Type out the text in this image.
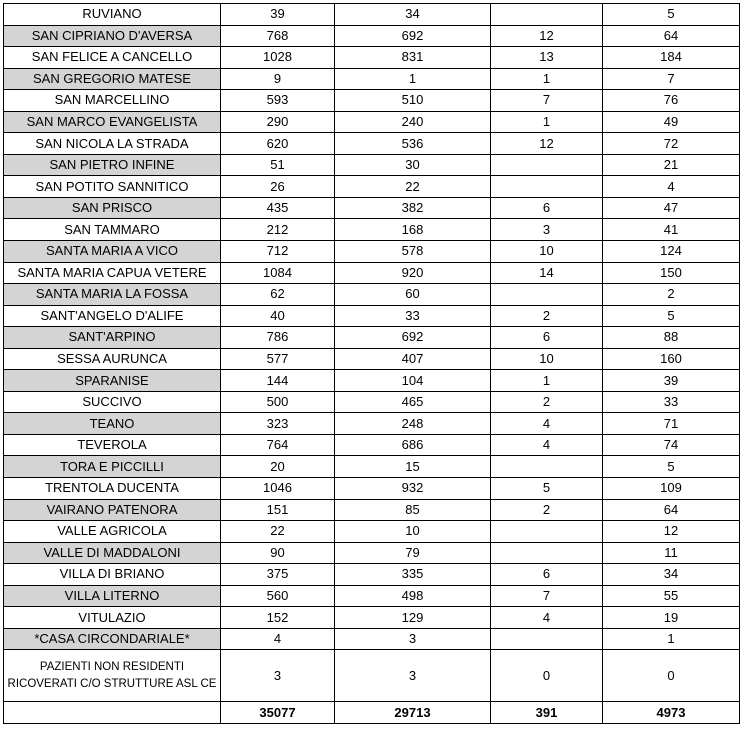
RUVIANO	39	34		5
SAN CIPRIANO D'AVERSA	768	692	12	64
SAN FELICE A CANCELLO	1028	831	13	184
SAN GREGORIO MATESE	9	1	1	7
SAN MARCELLINO	593	510	7	76
SAN MARCO EVANGELISTA	290	240	1	49
SAN NICOLA LA STRADA	620	536	12	72
SAN PIETRO INFINE	51	30		21
SAN POTITO SANNITICO	26	22		4
SAN PRISCO	435	382	6	47
SAN TAMMARO	212	168	3	41
SANTA MARIA A VICO	712	578	10	124
SANTA MARIA CAPUA VETERE	1084	920	14	150
SANTA MARIA LA FOSSA	62	60		2
SANT'ANGELO D'ALIFE	40	33	2	5
SANT'ARPINO	786	692	6	88
SESSA AURUNCA	577	407	10	160
SPARANISE	144	104	1	39
SUCCIVO	500	465	2	33
TEANO	323	248	4	71
TEVEROLA	764	686	4	74
TORA E PICCILLI	20	15		5
TRENTOLA DUCENTA	1046	932	5	109
VAIRANO PATENORA	151	85	2	64
VALLE AGRICOLA	22	10		12
VALLE DI MADDALONI	90	79		11
VILLA DI BRIANO	375	335	6	34
VILLA LITERNO	560	498	7	55
VITULAZIO	152	129	4	19
*CASA CIRCONDARIALE*	4	3		1
PAZIENTI NON RESIDENTI RICOVERATI C/O STRUTTURE ASL CE	3	3	0	0
	35077	29713	391	4973
